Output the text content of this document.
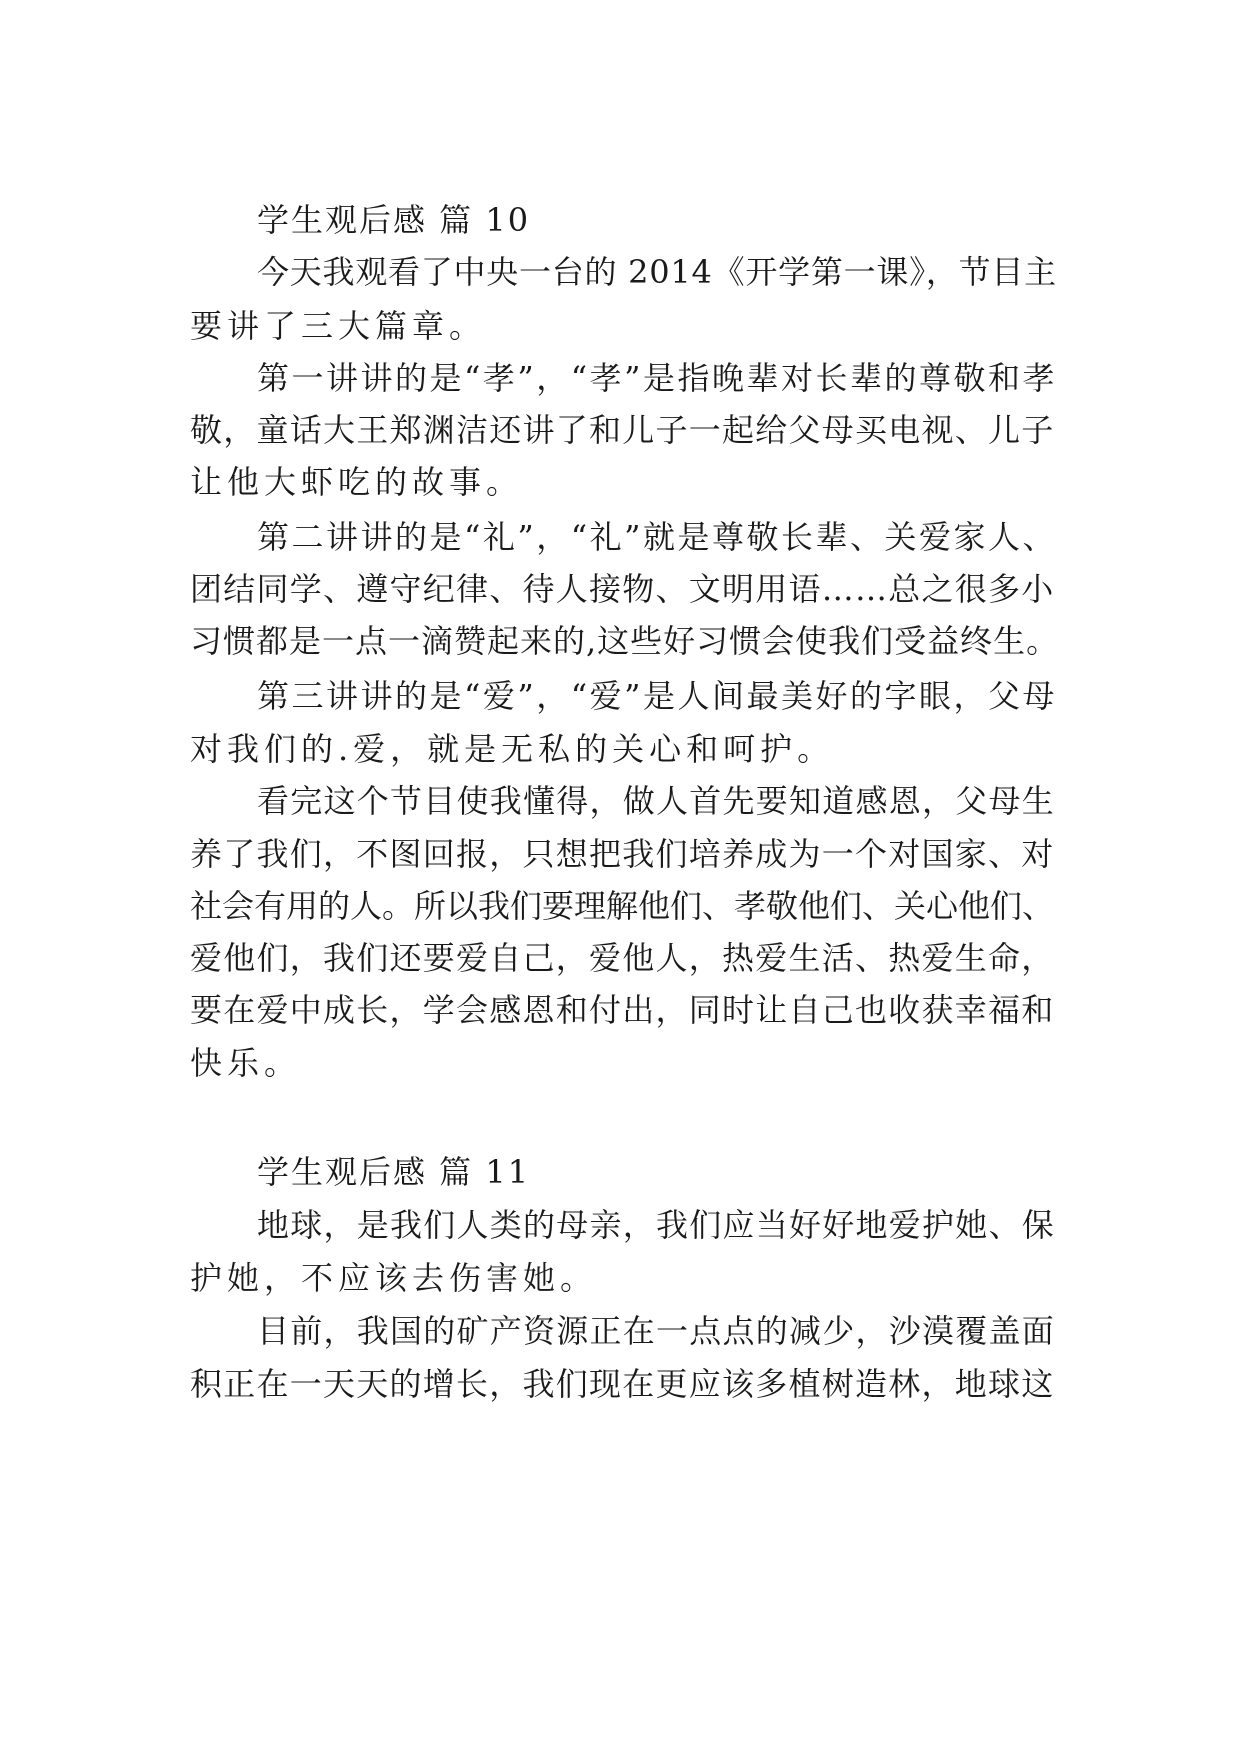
学生观后感 篇 10
今天我观看了中央一台的 2014《开学第一课》，节目主
要讲了三大篇章。
第一讲讲的是“孝”，“孝”是指晚辈对长辈的尊敬和孝
敬，童话大王郑渊洁还讲了和儿子一起给父母买电视、儿子
让他大虾吃的故事。
第二讲讲的是“礼”，“礼”就是尊敬长辈、关爱家人、
团结同学、遵守纪律、待人接物、文明用语……总之很多小
习惯都是一点一滴赞起来的,这些好习惯会使我们受益终生。
第三讲讲的是“爱”，“爱”是人间最美好的字眼，父母
对我们的.爱，就是无私的关心和呵护。
看完这个节目使我懂得，做人首先要知道感恩，父母生
养了我们，不图回报，只想把我们培养成为一个对国家、对
社会有用的人。所以我们要理解他们、孝敬他们、关心他们、
爱他们，我们还要爱自己，爱他人，热爱生活、热爱生命，
要在爱中成长，学会感恩和付出，同时让自己也收获幸福和
快乐。
学生观后感 篇 11
地球，是我们人类的母亲，我们应当好好地爱护她、保
护她，不应该去伤害她。
目前，我国的矿产资源正在一点点的减少，沙漠覆盖面
积正在一天天的增长，我们现在更应该多植树造林，地球这
